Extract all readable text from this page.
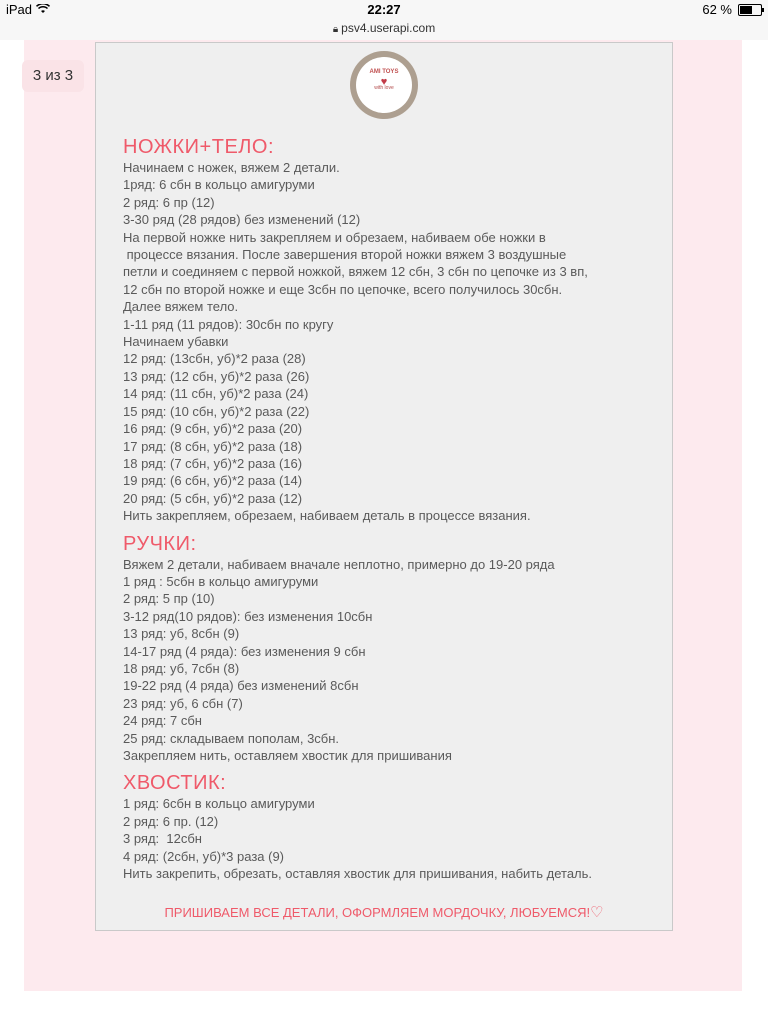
iPad	22:27	62 %
🔒︎ psv4.userapi.com
3 из 3	AMI TOYS
♥
with love
НОЖКИ+ТЕЛО:
Начинаем с ножек, вяжем 2 детали.
1ряд: 6 сбн в кольцо амигуруми
2 ряд: 6 пр (12)
3-30 ряд (28 рядов) без изменений (12)
На первой ножке нить закрепляем и обрезаем, набиваем обе ножки в
процессе вязания. После завершения второй ножки вяжем 3 воздушные
петли и соединяем с первой ножкой, вяжем 12 сбн, 3 сбн по цепочке из 3 вп,
12 сбн по второй ножке и еще 3сбн по цепочке, всего получилось 30сбн.
Далее вяжем тело.
1-11 ряд (11 рядов): 30сбн по кругу
Начинаем убавки
12 ряд: (13сбн, уб)*2 раза (28)
13 ряд: (12 сбн, уб)*2 раза (26)
14 ряд: (11 сбн, уб)*2 раза (24)
15 ряд: (10 сбн, уб)*2 раза (22)
16 ряд: (9 сбн, уб)*2 раза (20)
17 ряд: (8 сбн, уб)*2 раза (18)
18 ряд: (7 сбн, уб)*2 раза (16)
19 ряд: (6 сбн, уб)*2 раза (14)
20 ряд: (5 сбн, уб)*2 раза (12)
Нить закрепляем, обрезаем, набиваем деталь в процессе вязания.
РУЧКИ:
Вяжем 2 детали, набиваем вначале неплотно, примерно до 19-20 ряда
1 ряд : 5сбн в кольцо амигуруми
2 ряд: 5 пр (10)
3-12 ряд(10 рядов): без изменения 10сбн
13 ряд: уб, 8сбн (9)
14-17 ряд (4 ряда): без изменения 9 сбн
18 ряд: уб, 7сбн (8)
19-22 ряд (4 ряда) без изменений 8сбн
23 ряд: уб, 6 сбн (7)
24 ряд: 7 сбн
25 ряд: складываем пополам, 3сбн.
Закрепляем нить, оставляем хвостик для пришивания
ХВОСТИК:
1 ряд: 6сбн в кольцо амигуруми
2 ряд: 6 пр. (12)
3 ряд:  12сбн
4 ряд: (2сбн, уб)*3 раза (9)
Нить закрепить, обрезать, оставляя хвостик для пришивания, набить деталь.
ПРИШИВАЕМ ВСЕ ДЕТАЛИ, ОФОРМЛЯЕМ МОРДОЧКУ, ЛЮБУЕМСЯ!♡
